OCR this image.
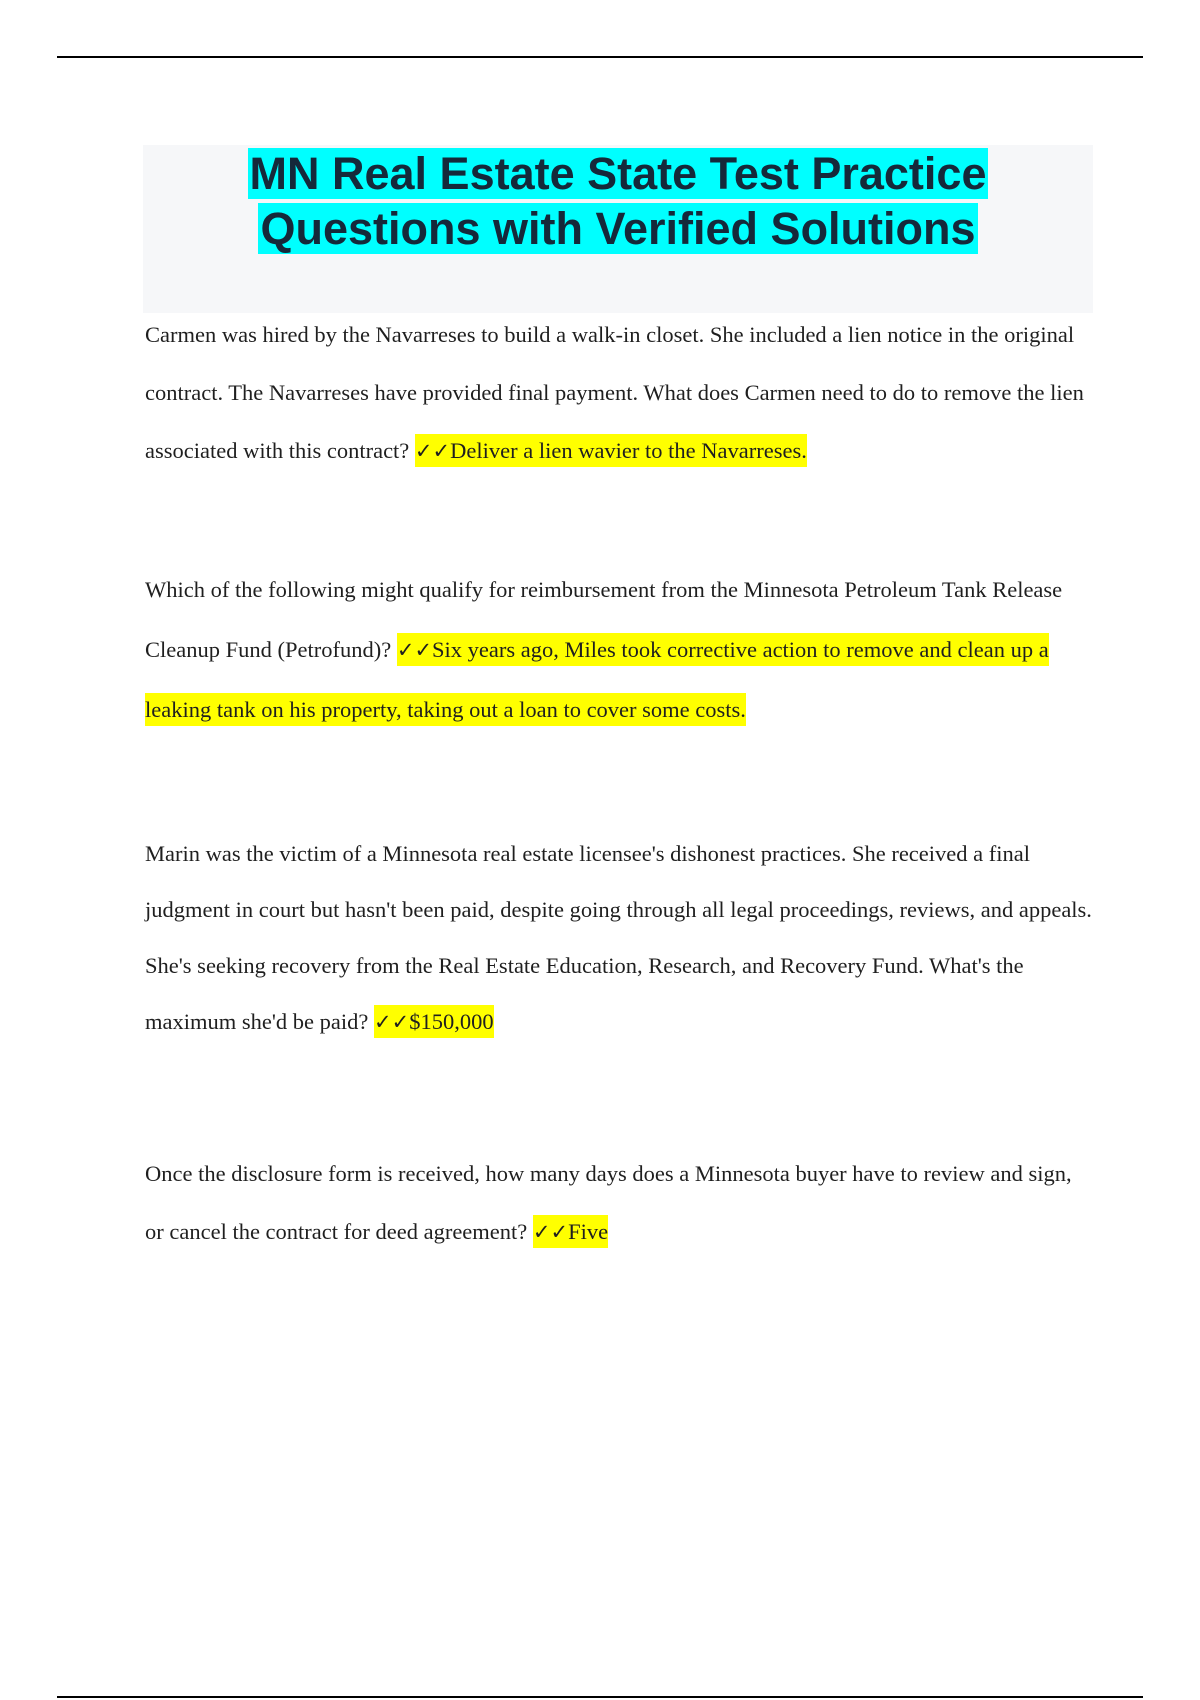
MN Real Estate State Test Practice
Questions with Verified Solutions

Carmen was hired by the Navarreses to build a walk-in closet. She included a lien notice in the original contract. The Navarreses have provided final payment. What does Carmen need to do to remove the lien associated with this contract? ✓✓Deliver a lien wavier to the Navarreses.

Which of the following might qualify for reimbursement from the Minnesota Petroleum Tank Release Cleanup Fund (Petrofund)? ✓✓Six years ago, Miles took corrective action to remove and clean up a leaking tank on his property, taking out a loan to cover some costs.

Marin was the victim of a Minnesota real estate licensee's dishonest practices. She received a final judgment in court but hasn't been paid, despite going through all legal proceedings, reviews, and appeals. She's seeking recovery from the Real Estate Education, Research, and Recovery Fund. What's the maximum she'd be paid? ✓✓$150,000

Once the disclosure form is received, how many days does a Minnesota buyer have to review and sign, or cancel the contract for deed agreement? ✓✓Five
